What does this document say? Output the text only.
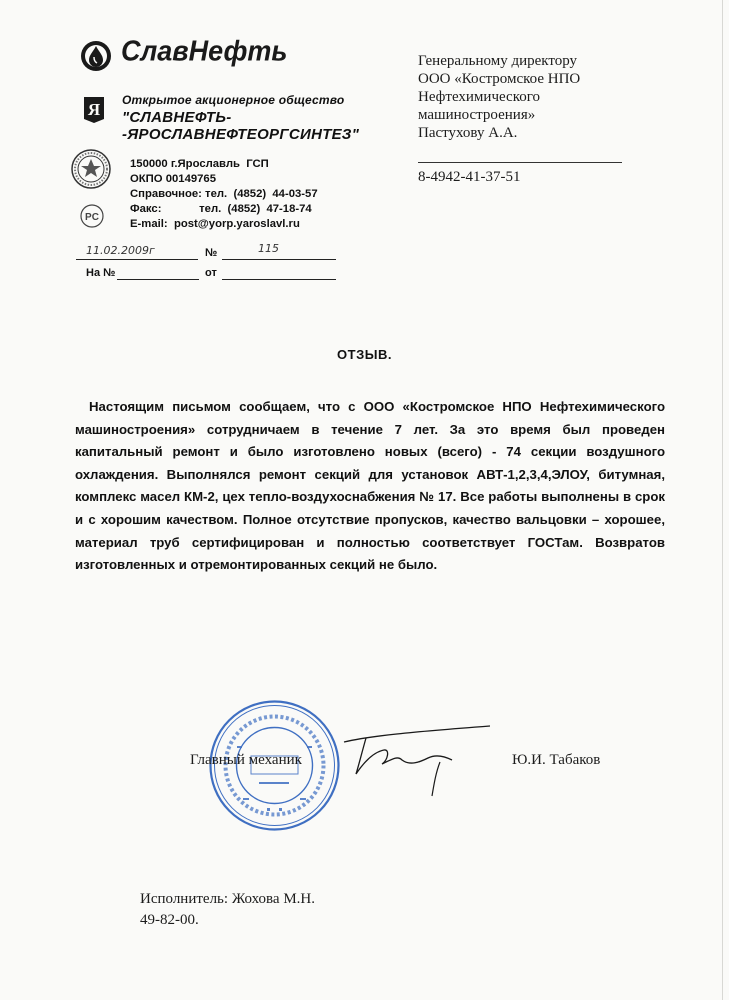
СлавНефть
Я Открытое акционерное общество
"СЛАВНЕФТЬ-
-ЯРОСЛАВНЕФТЕОРГСИНТЕЗ"
PC
150000 г.Ярославль  ГСП
ОКПО 00149765
Справочное: тел.  (4852)  44-03-57
Факс:            тел.  (4852)  47-18-74
E-mail:  post@yorp.yaroslavl.ru
11.02.2009г	№	115
На №	от
Генеральному директору
ООО «Костромское НПО
Нефтехимического
машиностроения»
Пастухову А.А.
8-4942-41-37-51
ОТЗЫВ.
Настоящим письмом сообщаем, что с ООО «Костромское НПО Нефтехимического машиностроения» сотрудничаем в течение 7 лет. За это время был проведен капитальный ремонт и было изготовлено новых (всего) - 74 секции воздушного охлаждения. Выполнялся ремонт секций для установок АВТ-1,2,3,4,ЭЛОУ, битумная, комплекс масел КМ-2, цех тепло-воздухоснабжения № 17. Все работы выполнены в срок и с хорошим качеством. Полное отсутствие пропусков, качество вальцовки – хорошее, материал труб сертифицирован и полностью соответствует ГОСТам. Возвратов изготовленных и отремонтированных секций не было.
Главный механик	Ю.И. Табаков
Исполнитель: Жохова М.Н.
49-82-00.
